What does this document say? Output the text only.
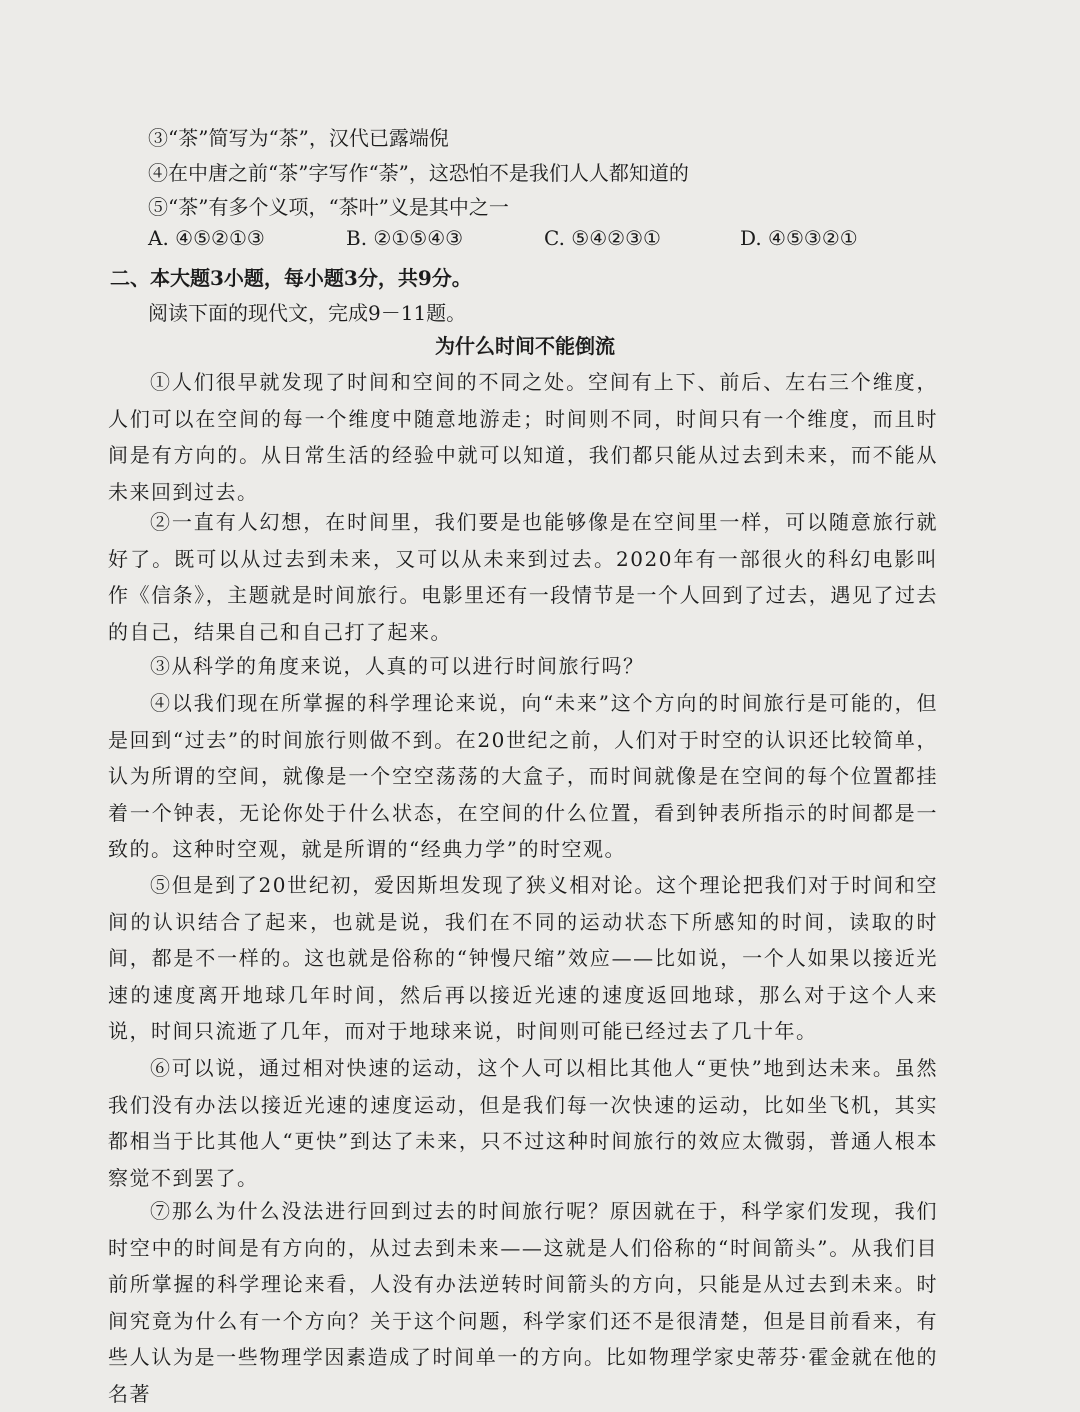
③“茶”简写为“茶”，汉代已露端倪
④在中唐之前“茶”字写作“荼”，这恐怕不是我们人人都知道的
⑤“茶”有多个义项，“茶叶”义是其中之一
A. ④⑤②①③	B. ②①⑤④③	C. ⑤④②③①	D. ④⑤③②①
二、本大题3小题，每小题3分，共9分。
阅读下面的现代文，完成9－11题。
为什么时间不能倒流

①人们很早就发现了时间和空间的不同之处。空间有上下、前后、左右三个维度，人们可以在空间的每一个维度中随意地游走；时间则不同，时间只有一个维度，而且时间是有方向的。从日常生活的经验中就可以知道，我们都只能从过去到未来，而不能从未来回到过去。

②一直有人幻想，在时间里，我们要是也能够像是在空间里一样，可以随意旅行就好了。既可以从过去到未来，又可以从未来到过去。2020年有一部很火的科幻电影叫作《信条》，主题就是时间旅行。电影里还有一段情节是一个人回到了过去，遇见了过去的自己，结果自己和自己打了起来。

③从科学的角度来说，人真的可以进行时间旅行吗？

④以我们现在所掌握的科学理论来说，向“未来”这个方向的时间旅行是可能的，但是回到“过去”的时间旅行则做不到。在20世纪之前，人们对于时空的认识还比较简单，认为所谓的空间，就像是一个空空荡荡的大盒子，而时间就像是在空间的每个位置都挂着一个钟表，无论你处于什么状态，在空间的什么位置，看到钟表所指示的时间都是一致的。这种时空观，就是所谓的“经典力学”的时空观。

⑤但是到了20世纪初，爱因斯坦发现了狭义相对论。这个理论把我们对于时间和空间的认识结合了起来，也就是说，我们在不同的运动状态下所感知的时间，读取的时间，都是不一样的。这也就是俗称的“钟慢尺缩”效应——比如说，一个人如果以接近光速的速度离开地球几年时间，然后再以接近光速的速度返回地球，那么对于这个人来说，时间只流逝了几年，而对于地球来说，时间则可能已经过去了几十年。

⑥可以说，通过相对快速的运动，这个人可以相比其他人“更快”地到达未来。虽然我们没有办法以接近光速的速度运动，但是我们每一次快速的运动，比如坐飞机，其实都相当于比其他人“更快”到达了未来，只不过这种时间旅行的效应太微弱，普通人根本察觉不到罢了。

⑦那么为什么没法进行回到过去的时间旅行呢？原因就在于，科学家们发现，我们时空中的时间是有方向的，从过去到未来——这就是人们俗称的“时间箭头”。从我们目前所掌握的科学理论来看，人没有办法逆转时间箭头的方向，只能是从过去到未来。时间究竟为什么有一个方向？关于这个问题，科学家们还不是很清楚，但是目前看来，有些人认为是一些物理学因素造成了时间单一的方向。比如物理学家史蒂芬·霍金就在他的名著
